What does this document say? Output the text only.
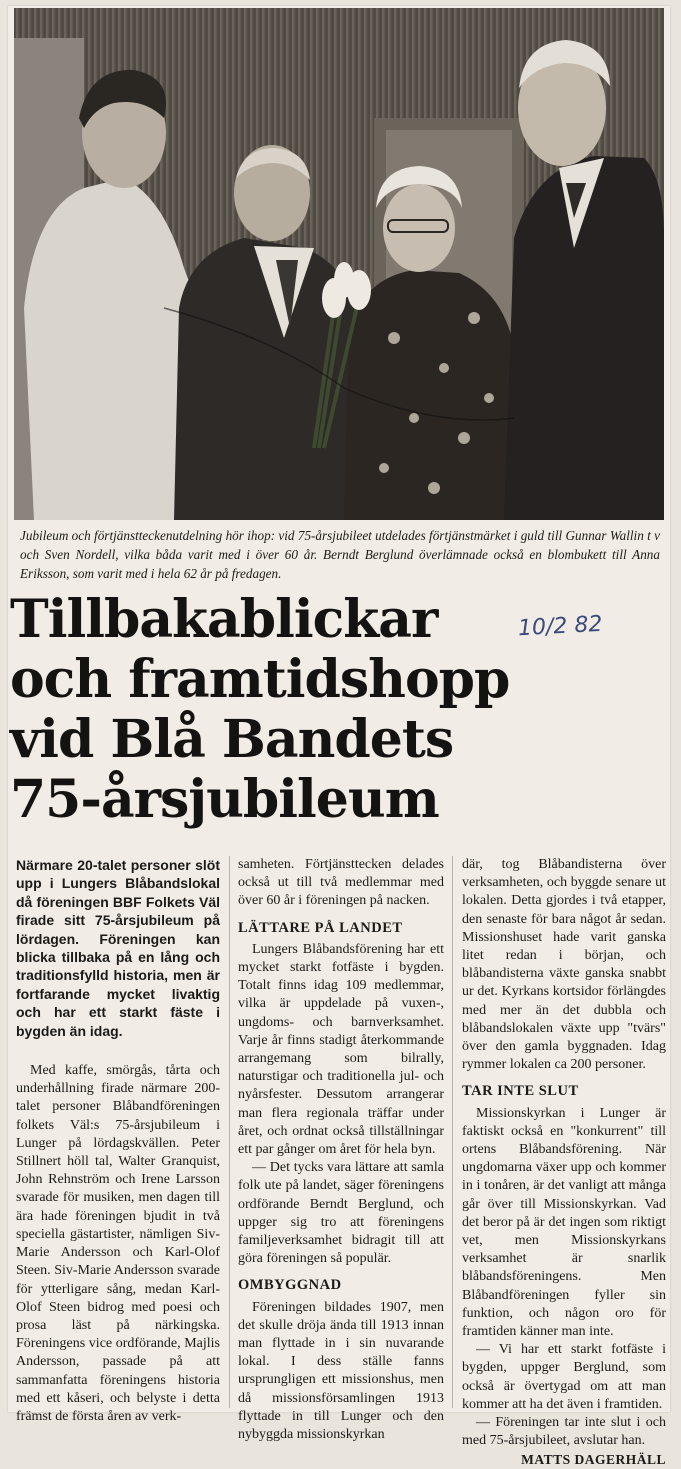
Jubileum och förtjänstteckenutdelning hör ihop: vid 75-årsjubileet utdelades förtjänstmärket i guld till Gunnar Wallin t v och Sven Nordell, vilka båda varit med i över 60 år. Berndt Berglund överlämnade också en blombukett till Anna Eriksson, som varit med i hela 62 år på fredagen.
Tillbakablickar
och framtidshopp
vid Blå Bandets
75-årsjubileum
10/2 82

Närmare 20-talet personer slöt upp i Lungers Blåbandslokal då föreningen BBF Folkets Väl firade sitt 75-årsjubileum på lördagen. Föreningen kan blicka tillbaka på en lång och traditionsfylld historia, men är fortfarande mycket livaktig och har ett starkt fäste i bygden än idag.

Med kaffe, smörgås, tårta och underhållning firade närmare 200-talet personer Blåbandföreningen folkets Väl:s 75-årsjubileum i Lunger på lördagskvällen. Peter Stillnert höll tal, Walter Granquist, John Rehnström och Irene Larsson svarade för musiken, men dagen till ära hade föreningen bjudit in två speciella gästartister, nämligen Siv-Marie Andersson och Karl-Olof Steen. Siv-Marie Andersson svarade för ytterligare sång, medan Karl-Olof Steen bidrog med poesi och prosa läst på närkingska. Föreningens vice ordförande, Majlis Andersson, passade på att sammanfatta föreningens historia med ett kåseri, och belyste i detta främst de första åren av verk-

samheten. Förtjänsttecken delades också ut till två medlemmar med över 60 år i föreningen på nacken.

LÄTTARE PÅ LANDET

Lungers Blåbandsförening har ett mycket starkt fotfäste i bygden. Totalt finns idag 109 medlemmar, vilka är uppdelade på vuxen-, ungdoms- och barnverksamhet. Varje år finns stadigt återkommande arrangemang som bilrally, naturstigar och traditionella jul- och nyårsfester. Dessutom arrangerar man flera regionala träffar under året, och ordnat också tillställningar ett par gånger om året för hela byn.

— Det tycks vara lättare att samla folk ute på landet, säger föreningens ordförande Berndt Berglund, och uppger sig tro att föreningens familjeverksamhet bidragit till att göra föreningen så populär.

OMBYGGNAD

Föreningen bildades 1907, men det skulle dröja ända till 1913 innan man flyttade in i sin nuvarande lokal. I dess ställe fanns ursprungligen ett missionshus, men då missionsförsamlingen 1913 flyttade in till Lunger och den nybyggda missionskyrkan

där, tog Blåbandisterna över verksamheten, och byggde senare ut lokalen. Detta gjordes i två etapper, den senaste för bara något år sedan. Missionshuset hade varit ganska litet redan i början, och blåbandisterna växte ganska snabbt ur det. Kyrkans kortsidor förlängdes med mer än det dubbla och blåbandslokalen växte upp "tvärs" över den gamla byggnaden. Idag rymmer lokalen ca 200 personer.

TAR INTE SLUT

Missionskyrkan i Lunger är faktiskt också en "konkurrent" till ortens Blåbandsförening. När ungdomarna växer upp och kommer in i tonåren, är det vanligt att många går över till Missionskyrkan. Vad det beror på är det ingen som riktigt vet, men Missionskyrkans verksamhet är snarlik blåbandsföreningens. Men Blåbandföreningen fyller sin funktion, och någon oro för framtiden känner man inte.

— Vi har ett starkt fotfäste i bygden, uppger Berglund, som också är övertygad om att man kommer att ha det även i framtiden.

— Föreningen tar inte slut i och med 75-årsjubileet, avslutar han.

MATTS DAGERHÄLL
